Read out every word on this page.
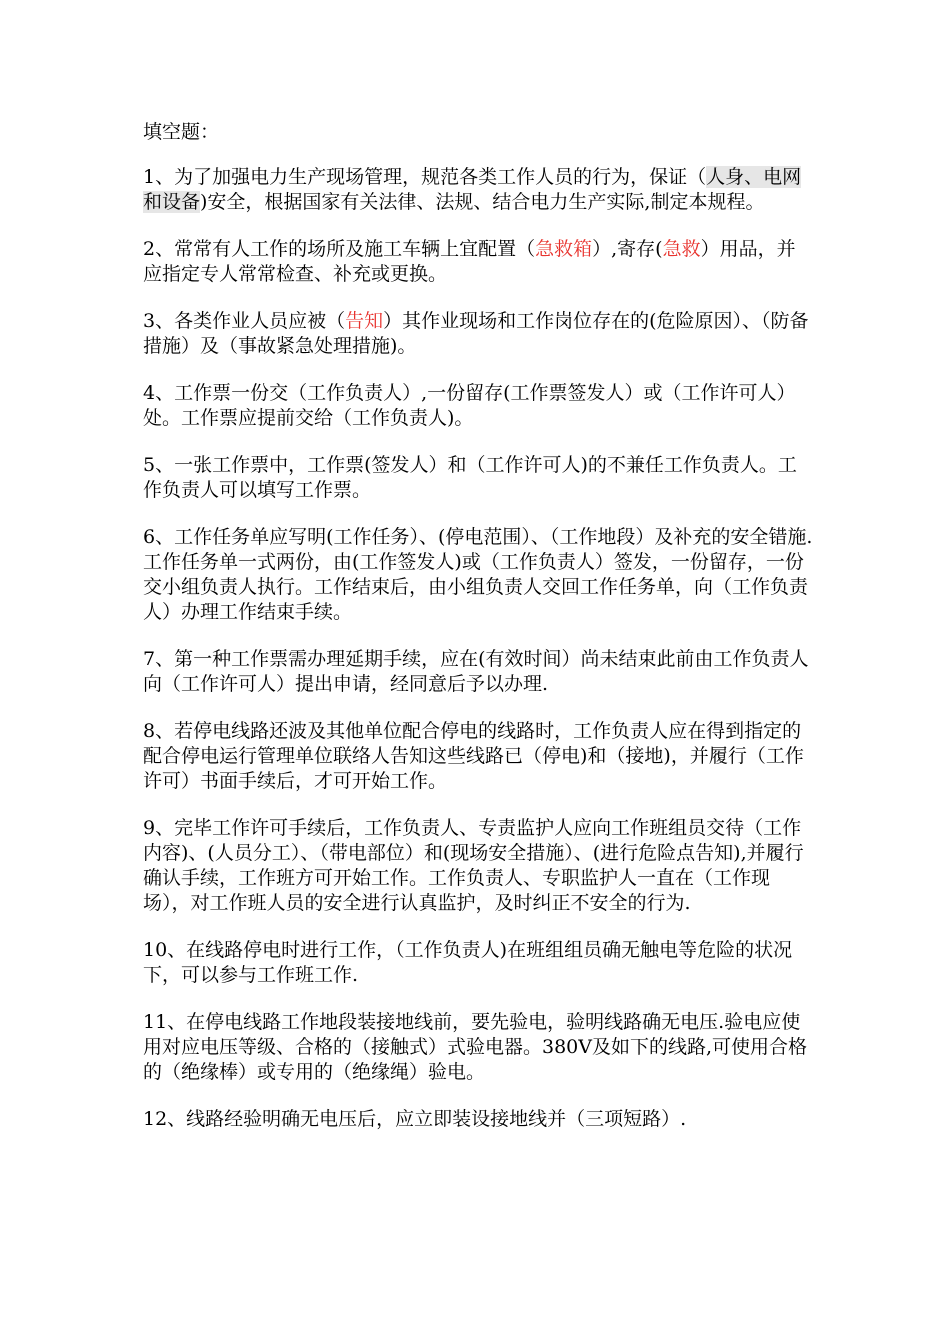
填空题：

1、为了加强电力生产现场管理，规范各类工作人员的行为，保证（人身、电网和设备)安全，根据国家有关法律、法规、结合电力生产实际,制定本规程。

2、常常有人工作的场所及施工车辆上宜配置（急救箱）,寄存(急救）用品，并应指定专人常常检查、补充或更换。

3、各类作业人员应被（告知）其作业现场和工作岗位存在的(危险原因）、（防备措施）及（事故紧急处理措施)。

4、工作票一份交（工作负责人）,一份留存(工作票签发人）或（工作许可人）处。工作票应提前交给（工作负责人)。

5、一张工作票中，工作票(签发人）和（工作许可人)的不兼任工作负责人。工作负责人可以填写工作票。

6、工作任务单应写明(工作任务）、(停电范围）、（工作地段）及补充的安全错施.工作任务单一式两份，由(工作签发人)或（工作负责人）签发，一份留存，一份交小组负责人执行。工作结束后，由小组负责人交回工作任务单，向（工作负责人）办理工作结束手续。

7、第一种工作票需办理延期手续，应在(有效时间）尚未结束此前由工作负责人向（工作许可人）提出申请，经同意后予以办理.

8、若停电线路还波及其他单位配合停电的线路时，工作负责人应在得到指定的配合停电运行管理单位联络人告知这些线路已（停电)和（接地)，并履行（工作许可）书面手续后，才可开始工作。

9、完毕工作许可手续后，工作负责人、专责监护人应向工作班组员交待（工作内容)、(人员分工）、（带电部位）和(现场安全措施）、(进行危险点告知),并履行确认手续，工作班方可开始工作。工作负责人、专职监护人一直在（工作现场），对工作班人员的安全进行认真监护，及时纠正不安全的行为.

10、在线路停电时进行工作，（工作负责人)在班组组员确无触电等危险的状况下，可以参与工作班工作.

11、在停电线路工作地段装接地线前，要先验电，验明线路确无电压.验电应使用对应电压等级、合格的（接触式）式验电器。380V及如下的线路,可使用合格的（绝缘棒）或专用的（绝缘绳）验电。

12、线路经验明确无电压后，应立即装设接地线并（三项短路）.
